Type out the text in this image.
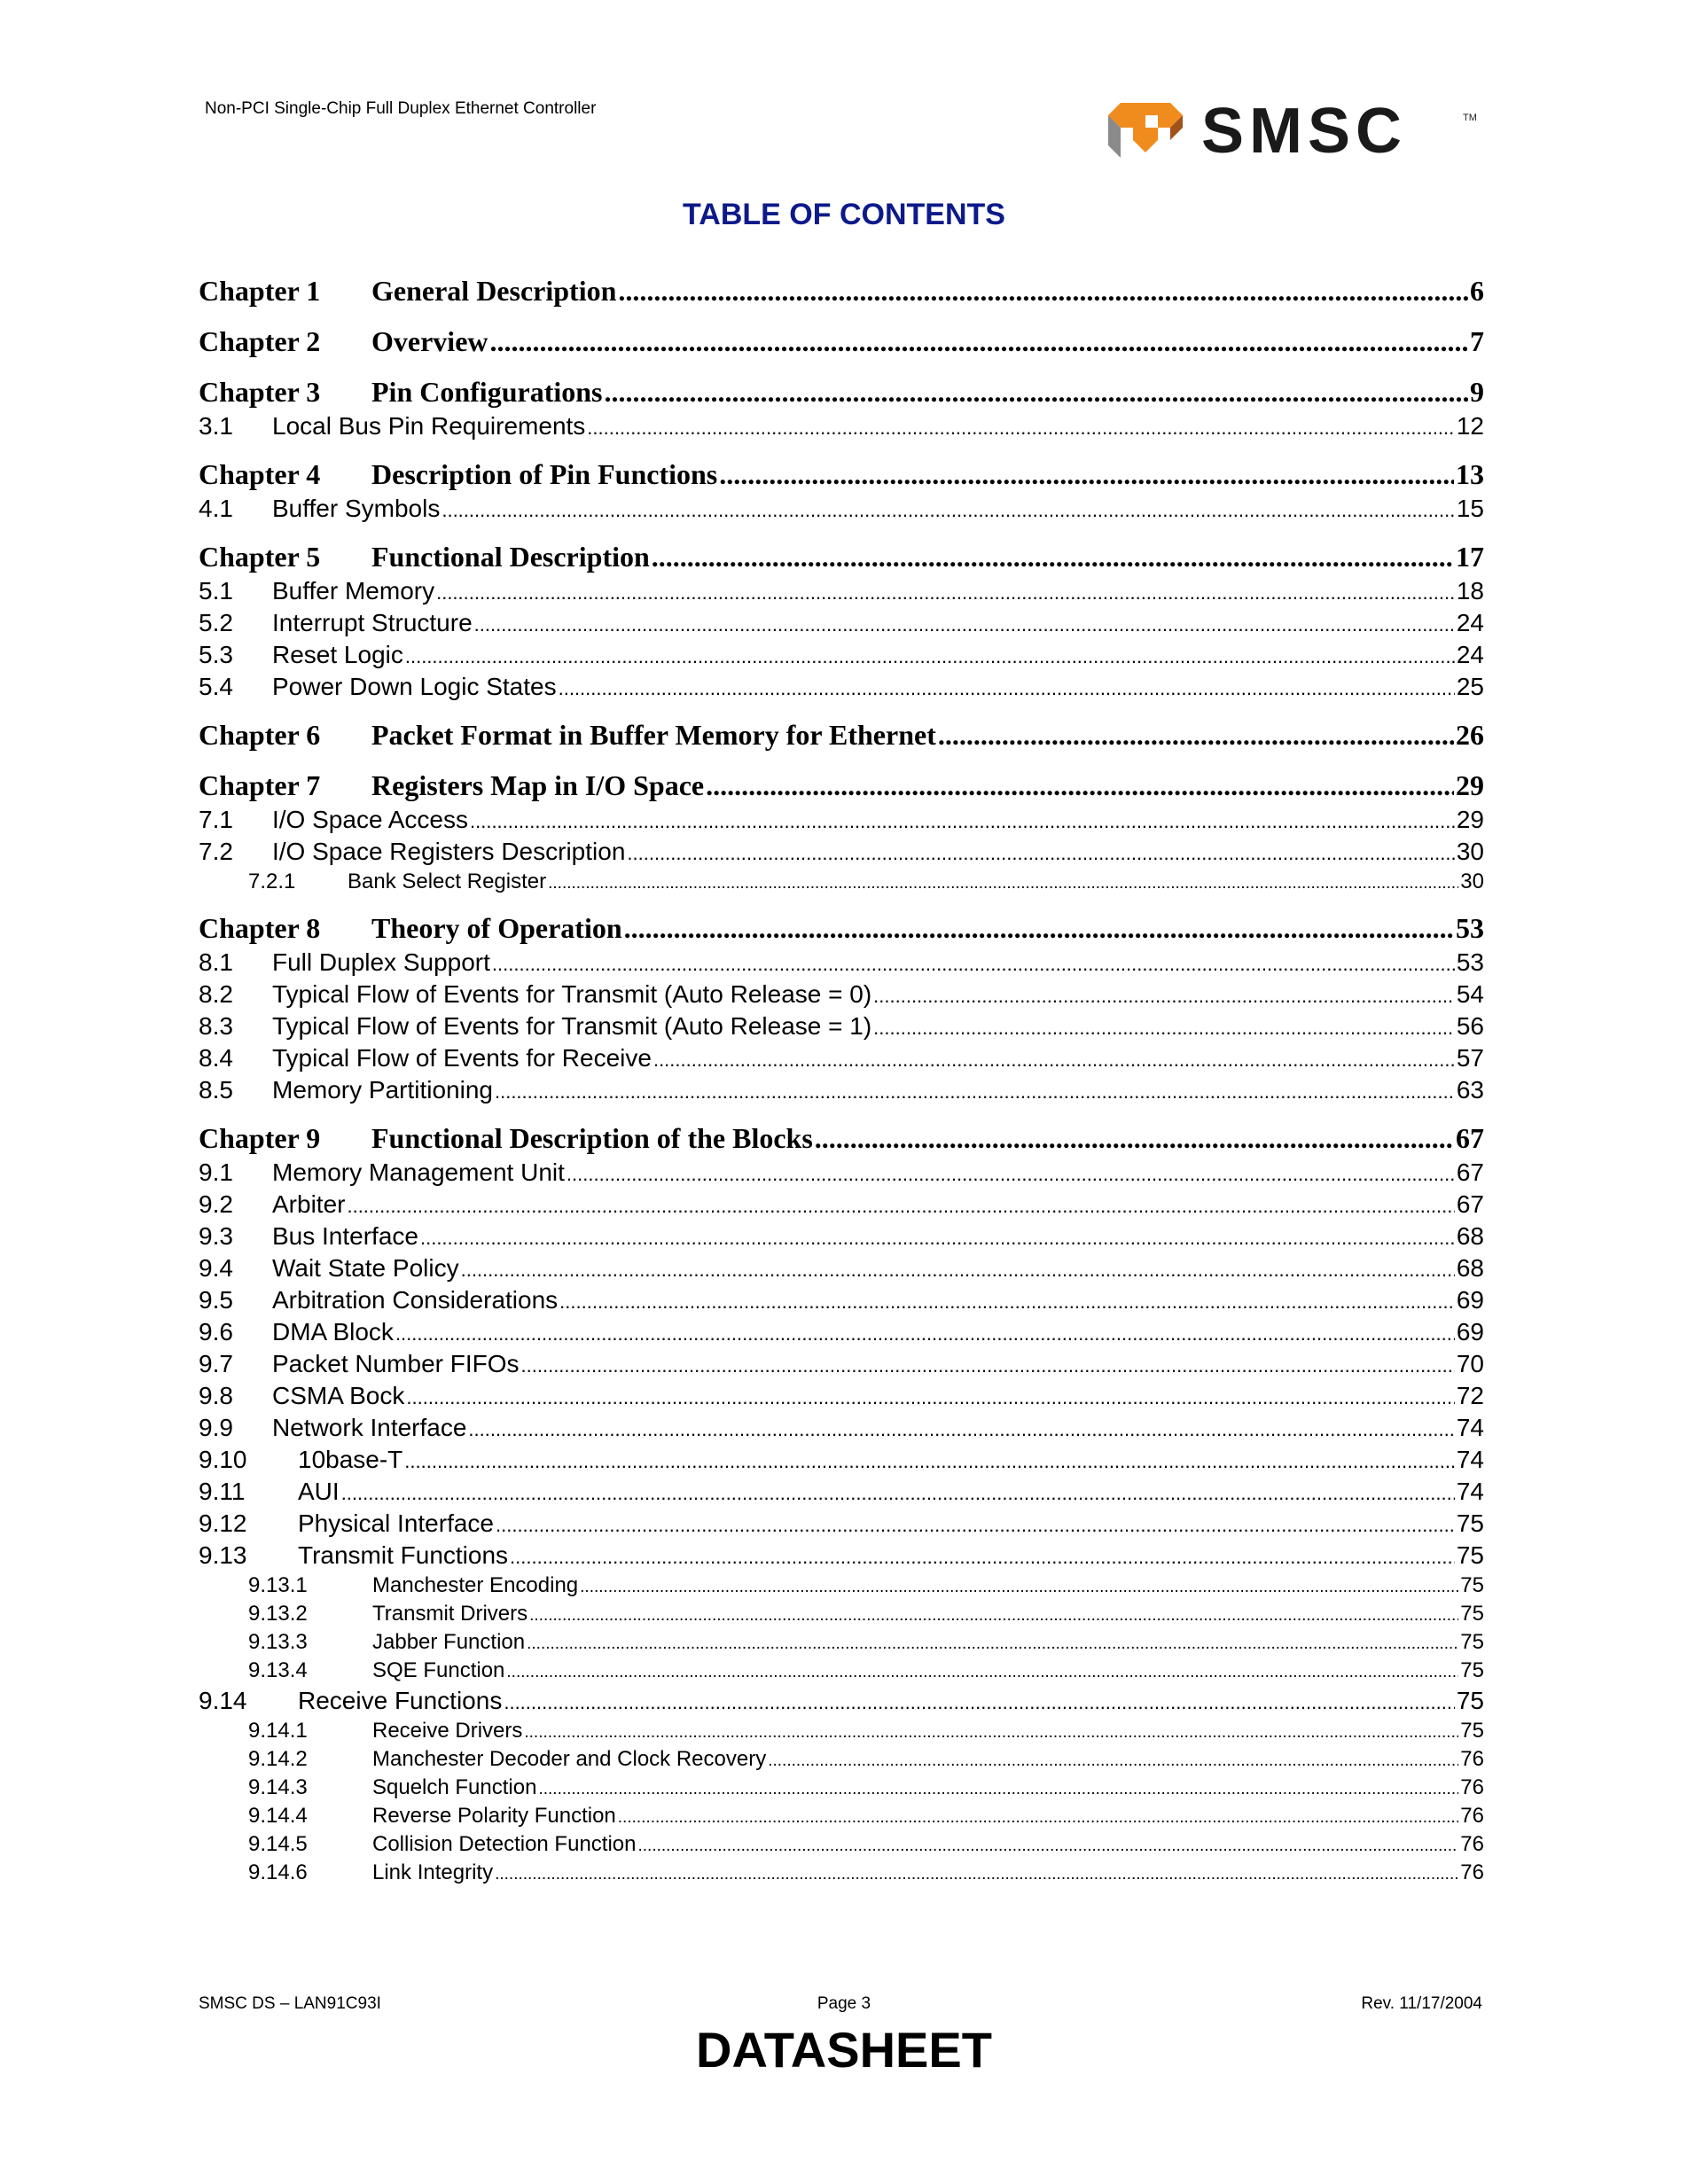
Non-PCI Single-Chip Full Duplex Ethernet Controller	SMSC	TM
TABLE OF CONTENTS
Chapter 1	General Description .....	6
Chapter 2	Overview .....	7
Chapter 3	Pin Configurations .....	9
3.1	Local Bus Pin Requirements .....	12
Chapter 4	Description of Pin Functions .....	13
4.1	Buffer Symbols .....	15
Chapter 5	Functional Description .....	17
5.1	Buffer Memory .....	18
5.2	Interrupt Structure .....	24
5.3	Reset Logic .....	24
5.4	Power Down Logic States .....	25
Chapter 6	Packet Format in Buffer Memory for Ethernet .....	26
Chapter 7	Registers Map in I/O Space .....	29
7.1	I/O Space Access .....	29
7.2	I/O Space Registers Description .....	30
7.2.1	Bank Select Register .....	30
Chapter 8	Theory of Operation .....	53
8.1	Full Duplex Support .....	53
8.2	Typical Flow of Events for Transmit (Auto Release = 0) .....	54
8.3	Typical Flow of Events for Transmit (Auto Release = 1) .....	56
8.4	Typical Flow of Events for Receive .....	57
8.5	Memory Partitioning .....	63
Chapter 9	Functional Description of the Blocks .....	67
9.1	Memory Management Unit .....	67
9.2	Arbiter .....	67
9.3	Bus Interface .....	68
9.4	Wait State Policy .....	68
9.5	Arbitration Considerations .....	69
9.6	DMA Block .....	69
9.7	Packet Number FIFOs .....	70
9.8	CSMA Bock .....	72
9.9	Network Interface .....	74
9.10	10base-T .....	74
9.11	AUI .....	74
9.12	Physical Interface .....	75
9.13	Transmit Functions .....	75
9.13.1	Manchester Encoding .....	75
9.13.2	Transmit Drivers .....	75
9.13.3	Jabber Function .....	75
9.13.4	SQE Function .....	75
9.14	Receive Functions .....	75
9.14.1	Receive Drivers .....	75
9.14.2	Manchester Decoder and Clock Recovery .....	76
9.14.3	Squelch Function .....	76
9.14.4	Reverse Polarity Function .....	76
9.14.5	Collision Detection Function .....	76
9.14.6	Link Integrity .....	76
SMSC DS – LAN91C93I	Page 3	Rev. 11/17/2004
DATASHEET
